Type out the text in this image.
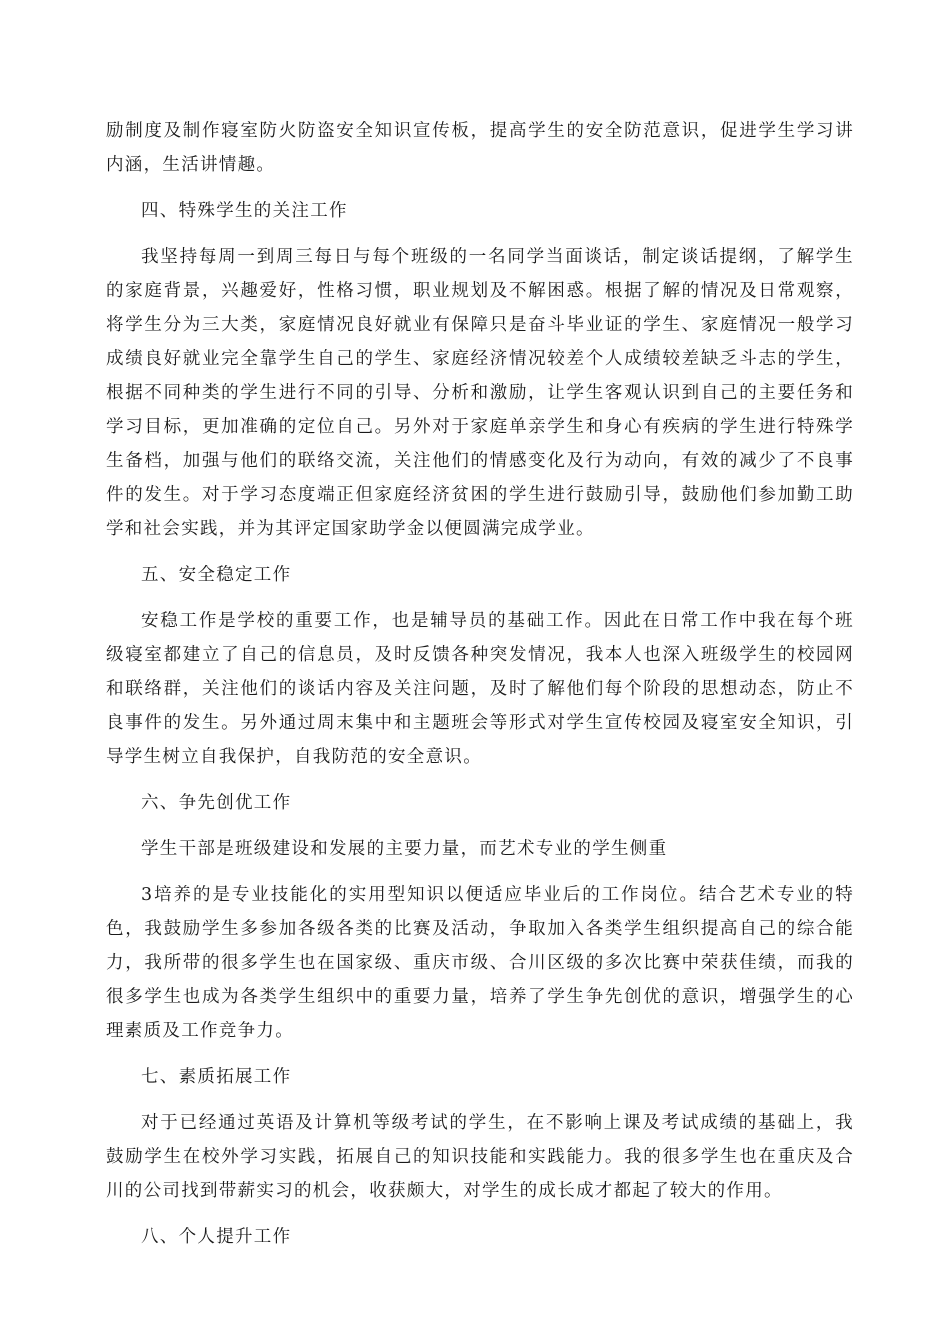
励制度及制作寝室防火防盗安全知识宣传板，提高学生的安全防范意识，促进学生学习讲内涵，生活讲情趣。

四、特殊学生的关注工作

我坚持每周一到周三每日与每个班级的一名同学当面谈话，制定谈话提纲，了解学生的家庭背景，兴趣爱好，性格习惯，职业规划及不解困惑。根据了解的情况及日常观察，将学生分为三大类，家庭情况良好就业有保障只是奋斗毕业证的学生、家庭情况一般学习成绩良好就业完全靠学生自己的学生、家庭经济情况较差个人成绩较差缺乏斗志的学生，根据不同种类的学生进行不同的引导、分析和激励，让学生客观认识到自己的主要任务和学习目标，更加准确的定位自己。另外对于家庭单亲学生和身心有疾病的学生进行特殊学生备档，加强与他们的联络交流，关注他们的情感变化及行为动向，有效的减少了不良事件的发生。对于学习态度端正但家庭经济贫困的学生进行鼓励引导，鼓励他们参加勤工助学和社会实践，并为其评定国家助学金以便圆满完成学业。

五、安全稳定工作

安稳工作是学校的重要工作，也是辅导员的基础工作。因此在日常工作中我在每个班级寝室都建立了自己的信息员，及时反馈各种突发情况，我本人也深入班级学生的校园网和联络群，关注他们的谈话内容及关注问题，及时了解他们每个阶段的思想动态，防止不良事件的发生。另外通过周末集中和主题班会等形式对学生宣传校园及寝室安全知识，引导学生树立自我保护，自我防范的安全意识。

六、争先创优工作

学生干部是班级建设和发展的主要力量，而艺术专业的学生侧重

3培养的是专业技能化的实用型知识以便适应毕业后的工作岗位。结合艺术专业的特色，我鼓励学生多参加各级各类的比赛及活动，争取加入各类学生组织提高自己的综合能力，我所带的很多学生也在国家级、重庆市级、合川区级的多次比赛中荣获佳绩，而我的很多学生也成为各类学生组织中的重要力量，培养了学生争先创优的意识，增强学生的心理素质及工作竞争力。

七、素质拓展工作

对于已经通过英语及计算机等级考试的学生，在不影响上课及考试成绩的基础上，我鼓励学生在校外学习实践，拓展自己的知识技能和实践能力。我的很多学生也在重庆及合川的公司找到带薪实习的机会，收获颇大，对学生的成长成才都起了较大的作用。

八、个人提升工作
